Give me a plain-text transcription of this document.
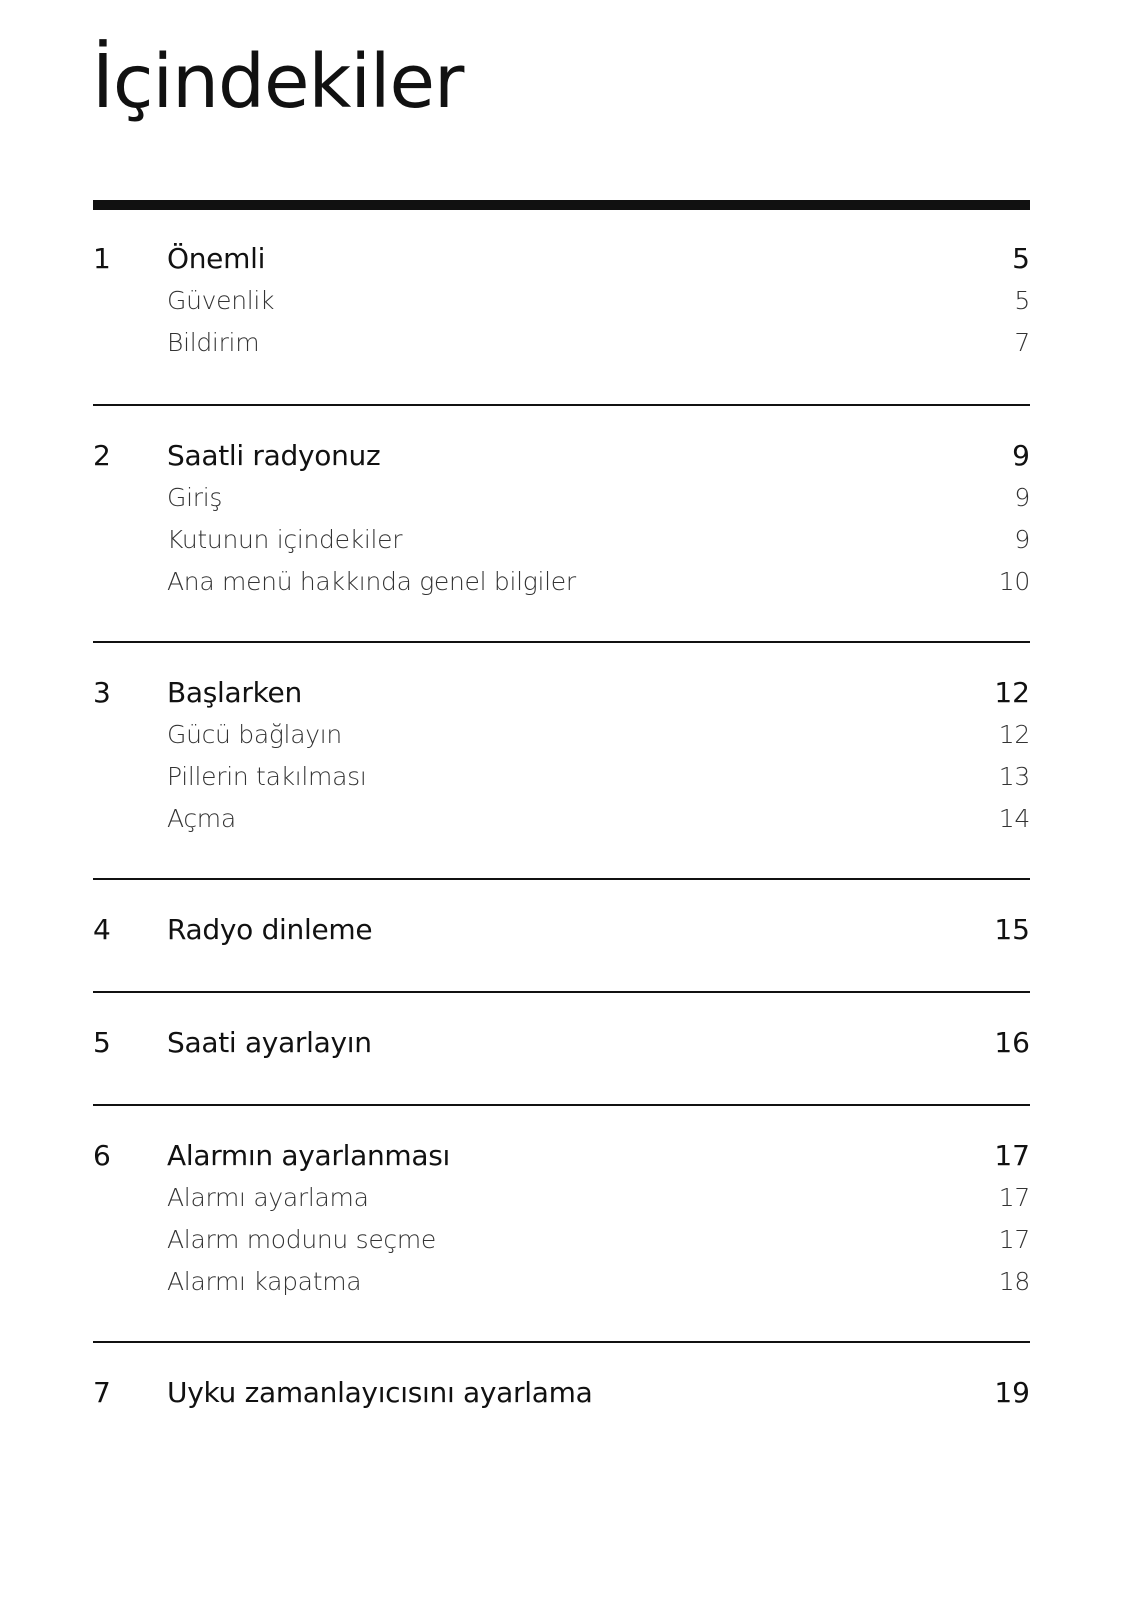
İçindekiler
1 Önemli	5
Güvenlik	5
Bildirim	7
2 Saatli radyonuz	9
Giriş	9
Kutunun içindekiler	9
Ana menü hakkında genel bilgiler	10
3 Başlarken	12
Gücü bağlayın	12
Pillerin takılması	13
Açma	14
4 Radyo dinleme	15
5 Saati ayarlayın	16
6 Alarmın ayarlanması	17
Alarmı ayarlama	17
Alarm modunu seçme	17
Alarmı kapatma	18
7 Uyku zamanlayıcısını ayarlama	19
